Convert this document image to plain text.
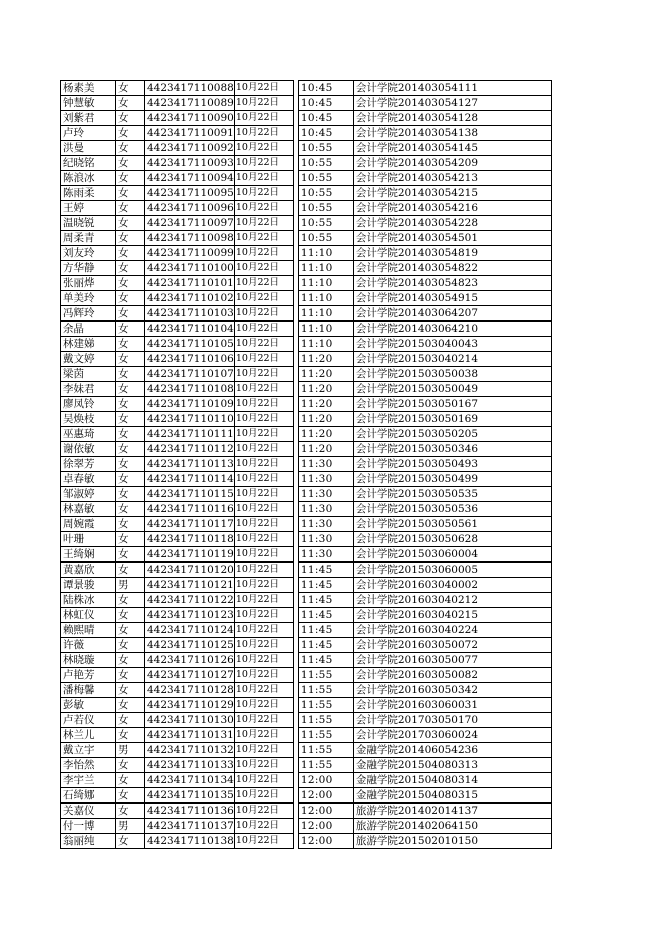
杨素美	女	4423417110088	10月22日		10:45	会计学院201403054111
钟慧敏	女	4423417110089	10月22日		10:45	会计学院201403054127
刘紫君	女	4423417110090	10月22日		10:45	会计学院201403054128
卢玲	女	4423417110091	10月22日		10:45	会计学院201403054138
洪曼	女	4423417110092	10月22日		10:55	会计学院201403054145
纪晓铭	女	4423417110093	10月22日		10:55	会计学院201403054209
陈浪冰	女	4423417110094	10月22日		10:55	会计学院201403054213
陈雨柔	女	4423417110095	10月22日		10:55	会计学院201403054215
王婷	女	4423417110096	10月22日		10:55	会计学院201403054216
温晓锐	女	4423417110097	10月22日		10:55	会计学院201403054228
周柔青	女	4423417110098	10月22日		10:55	会计学院201403054501
刘友玲	女	4423417110099	10月22日		11:10	会计学院201403054819
方华静	女	4423417110100	10月22日		11:10	会计学院201403054822
张丽烨	女	4423417110101	10月22日		11:10	会计学院201403054823
单美玲	女	4423417110102	10月22日		11:10	会计学院201403054915
冯辉玲	女	4423417110103	10月22日		11:10	会计学院201403064207
余晶	女	4423417110104	10月22日		11:10	会计学院201403064210
林建娣	女	4423417110105	10月22日		11:10	会计学院201503040043
戴文婷	女	4423417110106	10月22日		11:20	会计学院201503040214
梁茵	女	4423417110107	10月22日		11:20	会计学院201503050038
李妹君	女	4423417110108	10月22日		11:20	会计学院201503050049
廖凤铃	女	4423417110109	10月22日		11:20	会计学院201503050167
吴焕枝	女	4423417110110	10月22日		11:20	会计学院201503050169
巫惠琦	女	4423417110111	10月22日		11:20	会计学院201503050205
谢依敏	女	4423417110112	10月22日		11:20	会计学院201503050346
徐翠芳	女	4423417110113	10月22日		11:30	会计学院201503050493
卓春敏	女	4423417110114	10月22日		11:30	会计学院201503050499
邹淑婷	女	4423417110115	10月22日		11:30	会计学院201503050535
林嘉敏	女	4423417110116	10月22日		11:30	会计学院201503050536
周婉霞	女	4423417110117	10月22日		11:30	会计学院201503050561
叶珊	女	4423417110118	10月22日		11:30	会计学院201503050628
王绮娴	女	4423417110119	10月22日		11:30	会计学院201503060004
黄嘉欣	女	4423417110120	10月22日		11:45	会计学院201503060005
谭景骏	男	4423417110121	10月22日		11:45	会计学院201603040002
陆株冰	女	4423417110122	10月22日		11:45	会计学院201603040212
林虹仪	女	4423417110123	10月22日		11:45	会计学院201603040215
赖熙晴	女	4423417110124	10月22日		11:45	会计学院201603040224
许薇	女	4423417110125	10月22日		11:45	会计学院201603050072
林晓璇	女	4423417110126	10月22日		11:45	会计学院201603050077
卢艳芳	女	4423417110127	10月22日		11:55	会计学院201603050082
潘梅馨	女	4423417110128	10月22日		11:55	会计学院201603050342
彭敏	女	4423417110129	10月22日		11:55	会计学院201603060031
卢若仪	女	4423417110130	10月22日		11:55	会计学院201703050170
林兰儿	女	4423417110131	10月22日		11:55	会计学院201703060024
戴立宇	男	4423417110132	10月22日		11:55	金融学院201406054236
李怡然	女	4423417110133	10月22日		11:55	金融学院201504080313
李宇兰	女	4423417110134	10月22日		12:00	金融学院201504080314
石绮娜	女	4423417110135	10月22日		12:00	金融学院201504080315
关嘉仪	女	4423417110136	10月22日		12:00	旅游学院201402014137
付一博	男	4423417110137	10月22日		12:00	旅游学院201402064150
翁丽纯	女	4423417110138	10月22日		12:00	旅游学院201502010150
